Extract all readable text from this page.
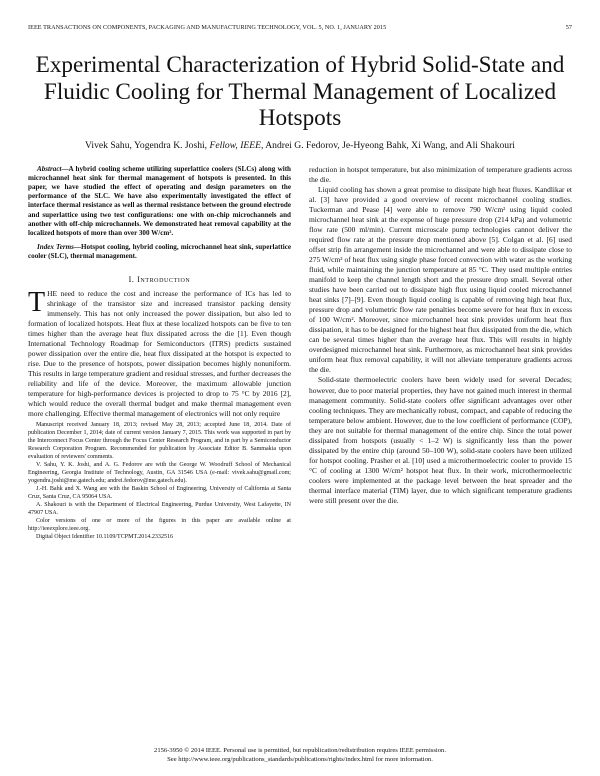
IEEE TRANSACTIONS ON COMPONENTS, PACKAGING AND MANUFACTURING TECHNOLOGY, VOL. 5, NO. 1, JANUARY 2015	57
Experimental Characterization of Hybrid Solid-State and Fluidic Cooling for Thermal Management of Localized Hotspots
Vivek Sahu, Yogendra K. Joshi, Fellow, IEEE, Andrei G. Fedorov, Je-Hyeong Bahk, Xi Wang, and Ali Shakouri

Abstract—A hybrid cooling scheme utilizing superlattice coolers (SLCs) along with microchannel heat sink for thermal management of hotspots is presented. In this paper, we have studied the effect of operating and design parameters on the performance of the SLC. We have also experimentally investigated the effect of interface thermal resistance as well as thermal resistance between the ground electrode and superlattice using two test configurations: one with on-chip microchannels and another with off-chip microchannels. We demonstrated heat removal capability at the localized hotspots of more than over 300 W/cm².

Index Terms—Hotspot cooling, hybrid cooling, microchannel heat sink, superlattice cooler (SLC), thermal management.

I. Introduction

THE need to reduce the cost and increase the performance of ICs has led to shrinkage of the transistor size and increased transistor packing density immensely. This has not only increased the power dissipation, but also led to formation of localized hotspots. Heat flux at these localized hotspots can be five to ten times higher than the average heat flux dissipated across the die [1]. Even though International Technology Roadmap for Semiconductors (ITRS) predicts sustained power dissipation over the entire die, heat flux dissipated at the hotspot is expected to rise. Due to the presence of hotspots, power dissipation becomes highly nonuniform. This results in large temperature gradient and residual stresses, and further decreases the reliability and life of the device. Moreover, the maximum allowable junction temperature for high-performance devices is projected to drop to 75 °C by 2016 [2], which would reduce the overall thermal budget and make thermal management even more challenging. Effective thermal management of electronics will not only require

Manuscript received January 18, 2013; revised May 28, 2013; accepted June 18, 2014. Date of publication December 1, 2014; date of current version January 7, 2015. This work was supported in part by the Interconnect Focus Center through the Focus Center Research Program, and in part by a Semiconductor Research Corporation Program. Recommended for publication by Associate Editor B. Sammakia upon evaluation of reviewers' comments.

V. Sahu, Y. K. Joshi, and A. G. Fedorov are with the George W. Woodruff School of Mechanical Engineering, Georgia Institute of Technology, Austin, GA 31546 USA (e-mail: vivek.sahu@gmail.com; yogendra.joshi@me.gatech.edu; andrei.fedorov@me.gatech.edu).

J.-H. Bahk and X. Wang are with the Baskin School of Engineering, University of California at Santa Cruz, Santa Cruz, CA 95064 USA.

A. Shakouri is with the Department of Electrical Engineering, Purdue University, West Lafayette, IN 47907 USA.

Color versions of one or more of the figures in this paper are available online at http://ieeexplore.ieee.org.

Digital Object Identifier 10.1109/TCPMT.2014.2332516

reduction in hotspot temperature, but also minimization of temperature gradients across the die.

Liquid cooling has shown a great promise to dissipate high heat fluxes. Kandlikar et al. [3] have provided a good overview of recent microchannel cooling studies. Tuckerman and Pease [4] were able to remove 790 W/cm² using liquid cooled microchannel heat sink at the expense of huge pressure drop (214 kPa) and volumetric flow rate (500 ml/min). Current microscale pump technologies cannot deliver the required flow rate at the pressure drop mentioned above [5]. Colgan et al. [6] used offset strip fin arrangement inside the microchannel and were able to dissipate close to 275 W/cm² of heat flux using single phase forced convection with water as the working fluid, while maintaining the junction temperature at 85 °C. They used multiple entries manifold to keep the channel length short and the pressure drop small. Several other studies have been carried out to dissipate high flux using liquid cooled microchannel heat sinks [7]–[9]. Even though liquid cooling is capable of removing high heat flux, pressure drop and volumetric flow rate penalties become severe for heat flux in excess of 100 W/cm². Moreover, since microchannel heat sink provides uniform heat flux dissipation, it has to be designed for the highest heat flux dissipated from the die, which can be several times higher than the average heat flux. This will results in highly overdesigned microchannel heat sink. Furthermore, as microchannel heat sink provides uniform heat flux removal capability, it will not alleviate temperature gradients across the die.

Solid-state thermoelectric coolers have been widely used for several Decades; however, due to poor material properties, they have not gained much interest in thermal management community. Solid-state coolers offer significant advantages over other cooling techniques. They are mechanically robust, compact, and capable of reducing the temperature below ambient. However, due to the low coefficient of performance (COP), they are not suitable for thermal management of the entire chip. Since the total power dissipated from hotspots (usually < 1–2 W) is significantly less than the power dissipated by the entire chip (around 50–100 W), solid-state coolers have been utilized for hotspot cooling. Prasher et al. [10] used a microthermoelectric cooler to provide 15 °C of cooling at 1300 W/cm² hotspot heat flux. In their work, microthermoelectric coolers were implemented at the package level between the heat spreader and the thermal interface material (TIM) layer, due to which significant temperature gradients were still present over the die.

2156-3950 © 2014 IEEE. Personal use is permitted, but republication/redistribution requires IEEE permission.
See http://www.ieee.org/publications_standards/publications/rights/index.html for more information.
